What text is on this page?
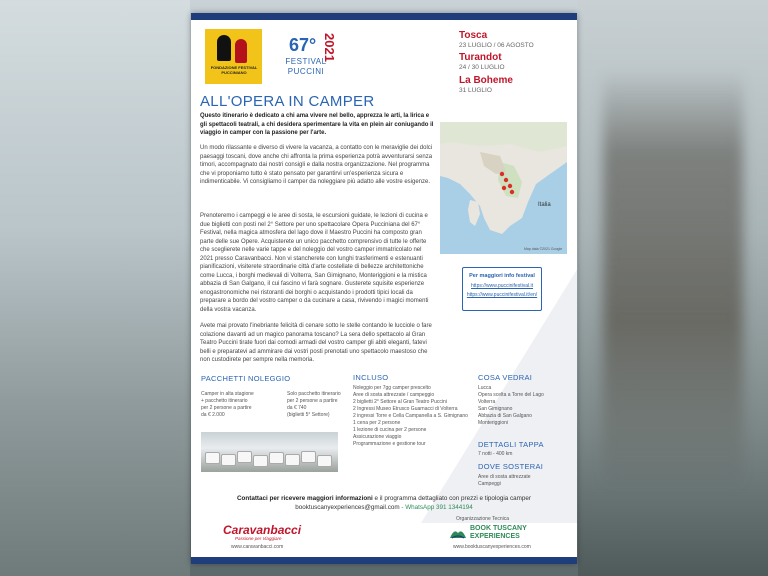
FONDAZIONE FESTIVAL PUCCINIANO
67°
FESTIVAL PUCCINI
2021	Tosca
23 LUGLIO / 06 AGOSTO
Turandot
24 / 30 LUGLIO
La Boheme
31 LUGLIO
ALL'OPERA IN CAMPER
Questo itinerario è dedicato a chi ama vivere nel bello, apprezza le arti, la lirica e gli spettacoli teatrali, a chi desidera sperimentare la vita en plein air coniugando il viaggio in camper con la passione per l'arte.
Un modo rilassante e diverso di vivere la vacanza, a contatto con le meraviglie dei dolci paesaggi toscani, dove anche chi affronta la prima esperienza potrà avventurarsi senza timori, accompagnato dai nostri consigli e dalla nostra organizzazione. Nel programma che vi proponiamo tutto è stato pensato per garantirvi un'esperienza sicura e indimenticabile. Vi consigliamo il camper da noleggiare più adatto alle vostre esigenze.
Prenoteremo i campeggi e le aree di sosta, le escursioni guidate, le lezioni di cucina e due biglietti con posti nel 2° Settore per uno spettacolare Opera Pucciniana del 67° Festival, nella magica atmosfera del lago dove il Maestro Puccini ha composto gran parte delle sue Opere. Acquisterete un unico pacchetto comprensivo di tutte le offerte che sceglierete nelle varie tappe e del noleggio del vostro camper immatricolato nel 2021 presso Caravanbacci. Non vi stancherete con lunghi trasferimenti e estenuanti pianificazioni, visiterete straordinarie città d'arte costellate di bellezze architettoniche come Lucca, i borghi medievali di Volterra, San Gimignano, Monteriggioni e la mistica abbazia di San Galgano, il cui fascino vi farà sognare. Gusterete squisite esperienze enogastronomiche nei ristoranti dei borghi o acquistando i prodotti tipici locali da preparare a bordo del vostro camper o da cucinare a casa, rivivendo i magici momenti della vostra vacanza.
Avete mai provato l'inebriante felicità di cenare sotto le stelle contando le lucciole o fare colazione davanti ad un magico panorama toscano? La sera dello spettacolo al Gran Teatro Puccini tirate fuori dai comodi armadi del vostro camper gli abiti eleganti, fatevi belli e preparatevi ad ammirare dai vostri posti prenotati uno spettacolo maestoso che non custodirete per sempre nella memoria.
Italia
Map data ©2021 Google
Per maggiori info festival
https://www.puccinifestival.it
https://www.puccinifestival.it/en/
PACCHETTI NOLEGGIO
Camper in alta stagione
+ pacchetto itinerario
per 2 persone a partire
da € 2.000
Solo pacchetto itinerario
per 2 persone a partire
da € 740
(biglietti 5° Settore)
INCLUSO
Noleggio per 7gg camper prescelto
Aree di sosta attrezzate / campeggio
2 biglietti 2° Settore al Gran Teatro Puccini
2 Ingressi Museo Etrusco Guarnacci di Volterra
2 ingressi Torre e Cella Campanella a S. Gimignano
1 cena per 2 persone
1 lezione di cucina per 2 persone
Assicurazione viaggio
Programmazione e gestione tour
COSA VEDRAI
Lucca
Opera scelta a Torre del Lago
Volterra
San Gimignano
Abbazia di San Galgano
Monteriggioni
DETTAGLI TAPPA
7 notti - 400 km
DOVE SOSTERAI
Aree di sosta attrezzate
Campeggi
Contattaci per ricevere maggiori informazioni e il programma dettagliato con prezzi e tipologia camper
booktuscanyexperiences@gmail.com - WhatsApp 391 1344194
Caravanbacci
Passione per Viaggiare
www.caravanbacci.com
Organizzazione Tecnica
BOOK TUSCANY
EXPERIENCES
www.booktuscanyexperiences.com
